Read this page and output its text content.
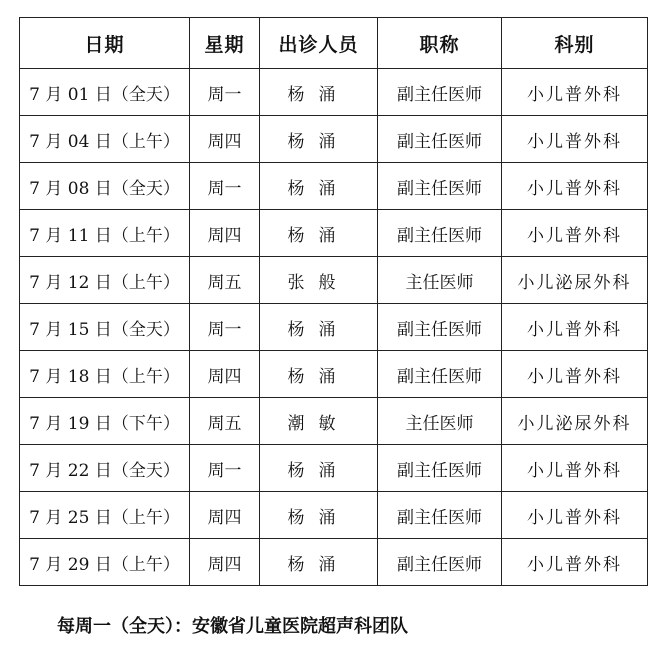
日期	星期	出诊人员	职称	科别
7 月 01 日（全天）	周一	杨涌	副主任医师	小儿普外科
7 月 04 日（上午）	周四	杨涌	副主任医师	小儿普外科
7 月 08 日（全天）	周一	杨涌	副主任医师	小儿普外科
7 月 11 日（上午）	周四	杨涌	副主任医师	小儿普外科
7 月 12 日（上午）	周五	张般	主任医师	小儿泌尿外科
7 月 15 日（全天）	周一	杨涌	副主任医师	小儿普外科
7 月 18 日（上午）	周四	杨涌	副主任医师	小儿普外科
7 月 19 日（下午）	周五	潮敏	主任医师	小儿泌尿外科
7 月 22 日（全天）	周一	杨涌	副主任医师	小儿普外科
7 月 25 日（上午）	周四	杨涌	副主任医师	小儿普外科
7 月 29 日（上午）	周四	杨涌	副主任医师	小儿普外科
每周一（全天）：安徽省儿童医院超声科团队
